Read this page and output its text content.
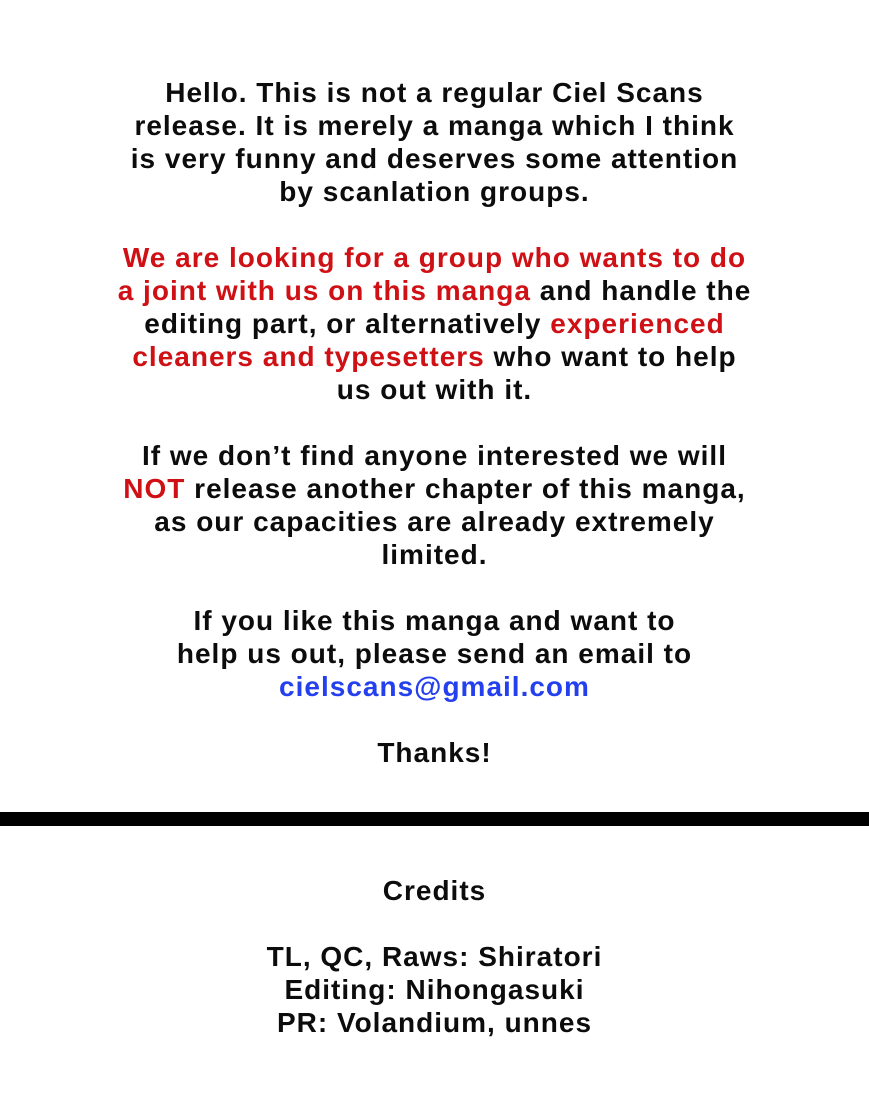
Hello. This is not a regular Ciel Scans
release. It is merely a manga which I think
is very funny and deserves some attention
by scanlation groups.

We are looking for a group who wants to do
a joint with us on this manga and handle the
editing part, or alternatively experienced
cleaners and typesetters who want to help
us out with it.

If we don’t find anyone interested we will
NOT release another chapter of this manga,
as our capacities are already extremely
limited.

If you like this manga and want to
help us out, please send an email to
cielscans@gmail.com

Thanks!

Credits
TL, QC, Raws: Shiratori
Editing: Nihongasuki
PR: Volandium, unnes
